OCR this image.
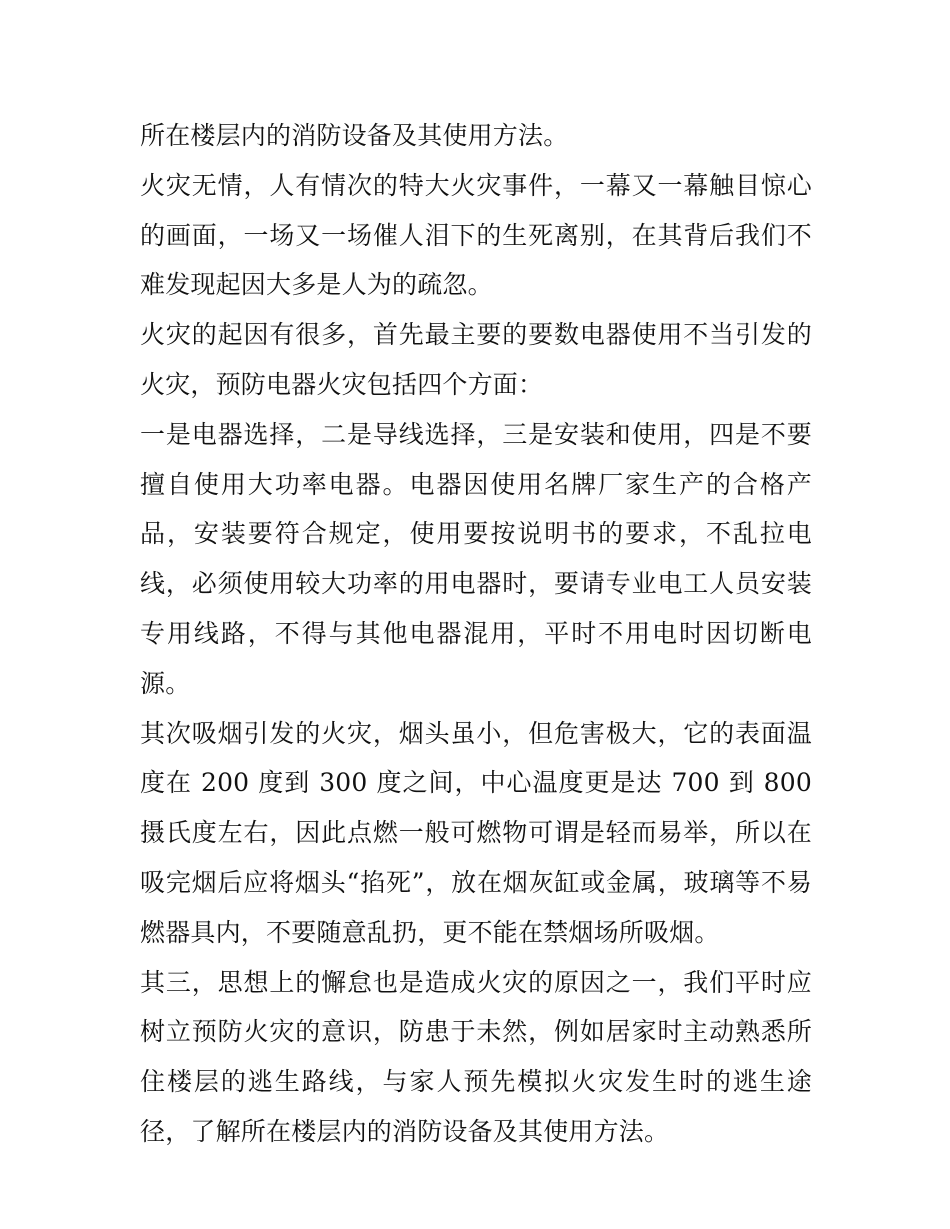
所在楼层内的消防设备及其使用方法。

火灾无情，人有情次的特大火灾事件，一幕又一幕触目惊心的画面，一场又一场催人泪下的生死离别，在其背后我们不难发现起因大多是人为的疏忽。

火灾的起因有很多，首先最主要的要数电器使用不当引发的火灾，预防电器火灾包括四个方面：

一是电器选择，二是导线选择，三是安装和使用，四是不要擅自使用大功率电器。电器因使用名牌厂家生产的合格产品，安装要符合规定，使用要按说明书的要求，不乱拉电线，必须使用较大功率的用电器时，要请专业电工人员安装专用线路，不得与其他电器混用，平时不用电时因切断电源。

其次吸烟引发的火灾，烟头虽小，但危害极大，它的表面温度在 200 度到 300 度之间，中心温度更是达 700 到 800 摄氏度左右，因此点燃一般可燃物可谓是轻而易举，所以在吸完烟后应将烟头“掐死”，放在烟灰缸或金属，玻璃等不易燃器具内，不要随意乱扔，更不能在禁烟场所吸烟。

其三，思想上的懈怠也是造成火灾的原因之一，我们平时应树立预防火灾的意识，防患于未然，例如居家时主动熟悉所住楼层的逃生路线，与家人预先模拟火灾发生时的逃生途径，了解所在楼层内的消防设备及其使用方法。
